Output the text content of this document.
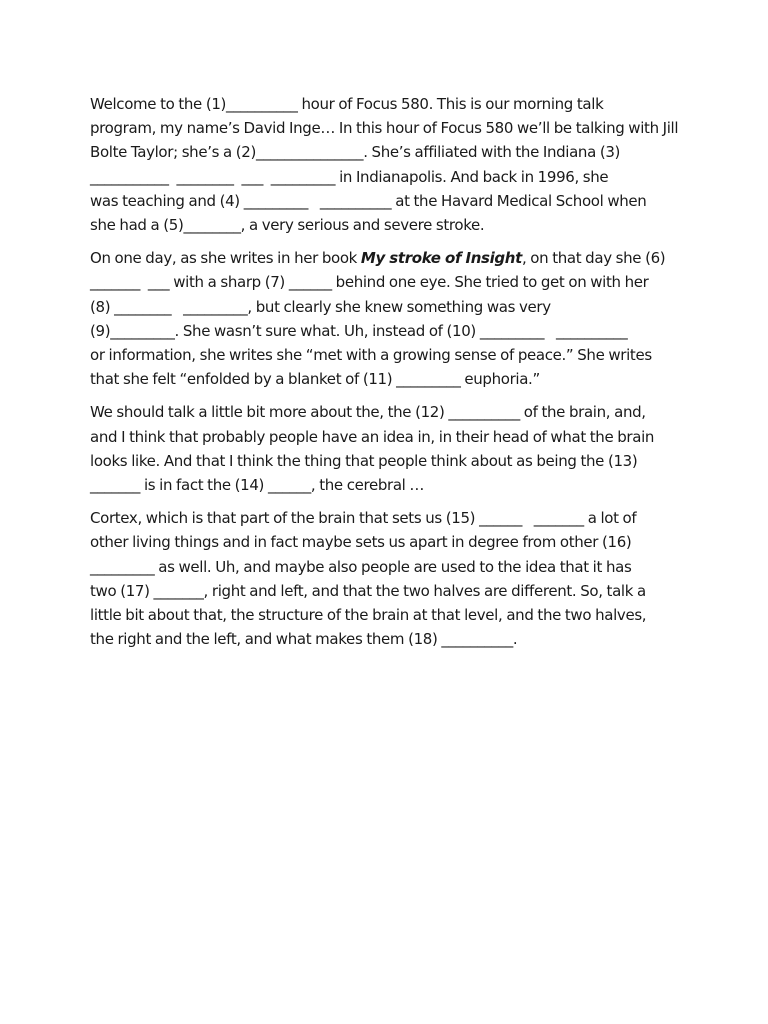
Welcome to the (1)__________ hour of Focus 580. This is our morning talk
program, my name’s David Inge… In this hour of Focus 580 we’ll be talking with Jill
Bolte Taylor; she’s a (2)_______________. She’s affiliated with the Indiana (3)
___________  ________  ___  _________ in Indianapolis. And back in 1996, she
was teaching and (4) _________   __________ at the Havard Medical School when
she had a (5)________, a very serious and severe stroke.

On one day, as she writes in her book My stroke of Insight, on that day she (6)
_______  ___ with a sharp (7) ______ behind one eye. She tried to get on with her
(8) ________   _________, but clearly she knew something was very
(9)_________. She wasn’t sure what. Uh, instead of (10) _________   __________
or information, she writes she “met with a growing sense of peace.” She writes
that she felt “enfolded by a blanket of (11) _________ euphoria.”

We should talk a little bit more about the, the (12) __________ of the brain, and,
and I think that probably people have an idea in, in their head of what the brain
looks like. And that I think the thing that people think about as being the (13)
_______ is in fact the (14) ______, the cerebral …

Cortex, which is that part of the brain that sets us (15) ______   _______ a lot of
other living things and in fact maybe sets us apart in degree from other (16)
_________ as well. Uh, and maybe also people are used to the idea that it has
two (17) _______, right and left, and that the two halves are different. So, talk a
little bit about that, the structure of the brain at that level, and the two halves,
the right and the left, and what makes them (18) __________.
